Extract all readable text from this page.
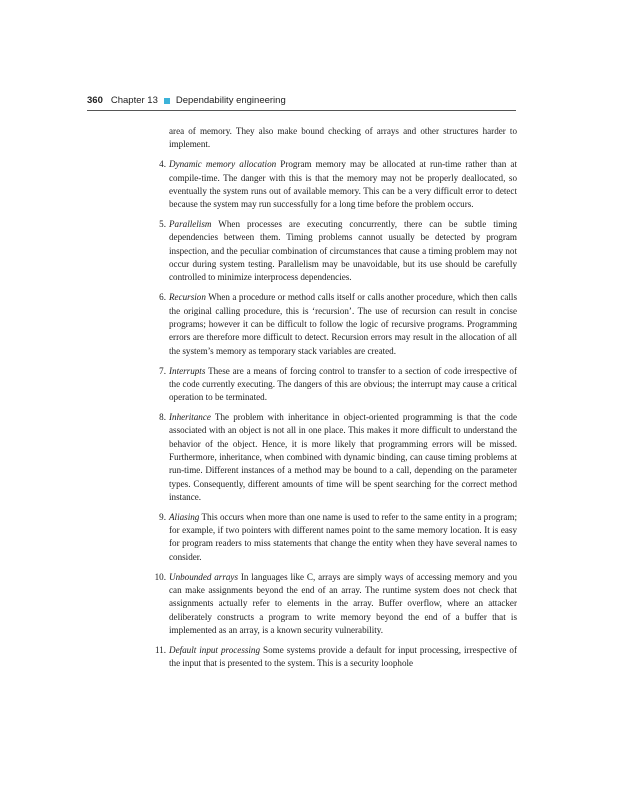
360 Chapter 13 Dependability engineering

area of memory. They also make bound checking of arrays and other structures harder to implement.

4. Dynamic memory allocation Program memory may be allocated at run-time rather than at compile-time. The danger with this is that the memory may not be properly deallocated, so eventually the system runs out of available memory. This can be a very difficult error to detect because the system may run successfully for a long time before the problem occurs.

5. Parallelism When processes are executing concurrently, there can be subtle timing dependencies between them. Timing problems cannot usually be detected by program inspection, and the peculiar combination of circumstances that cause a timing problem may not occur during system testing. Parallelism may be unavoidable, but its use should be carefully controlled to minimize interprocess dependencies.

6. Recursion When a procedure or method calls itself or calls another procedure, which then calls the original calling procedure, this is ‘recursion’. The use of recursion can result in concise programs; however it can be difficult to follow the logic of recursive programs. Programming errors are therefore more difficult to detect. Recursion errors may result in the allocation of all the system’s memory as temporary stack variables are created.

7. Interrupts These are a means of forcing control to transfer to a section of code irrespective of the code currently executing. The dangers of this are obvious; the interrupt may cause a critical operation to be terminated.

8. Inheritance The problem with inheritance in object-oriented programming is that the code associated with an object is not all in one place. This makes it more difficult to understand the behavior of the object. Hence, it is more likely that programming errors will be missed. Furthermore, inheritance, when combined with dynamic binding, can cause timing problems at run-time. Different instances of a method may be bound to a call, depending on the parameter types. Consequently, different amounts of time will be spent searching for the correct method instance.

9. Aliasing This occurs when more than one name is used to refer to the same entity in a program; for example, if two pointers with different names point to the same memory location. It is easy for program readers to miss statements that change the entity when they have several names to consider.

10. Unbounded arrays In languages like C, arrays are simply ways of accessing memory and you can make assignments beyond the end of an array. The runtime system does not check that assignments actually refer to elements in the array. Buffer overflow, where an attacker deliberately constructs a program to write memory beyond the end of a buffer that is implemented as an array, is a known security vulnerability.

11. Default input processing Some systems provide a default for input processing, irrespective of the input that is presented to the system. This is a security loophole
